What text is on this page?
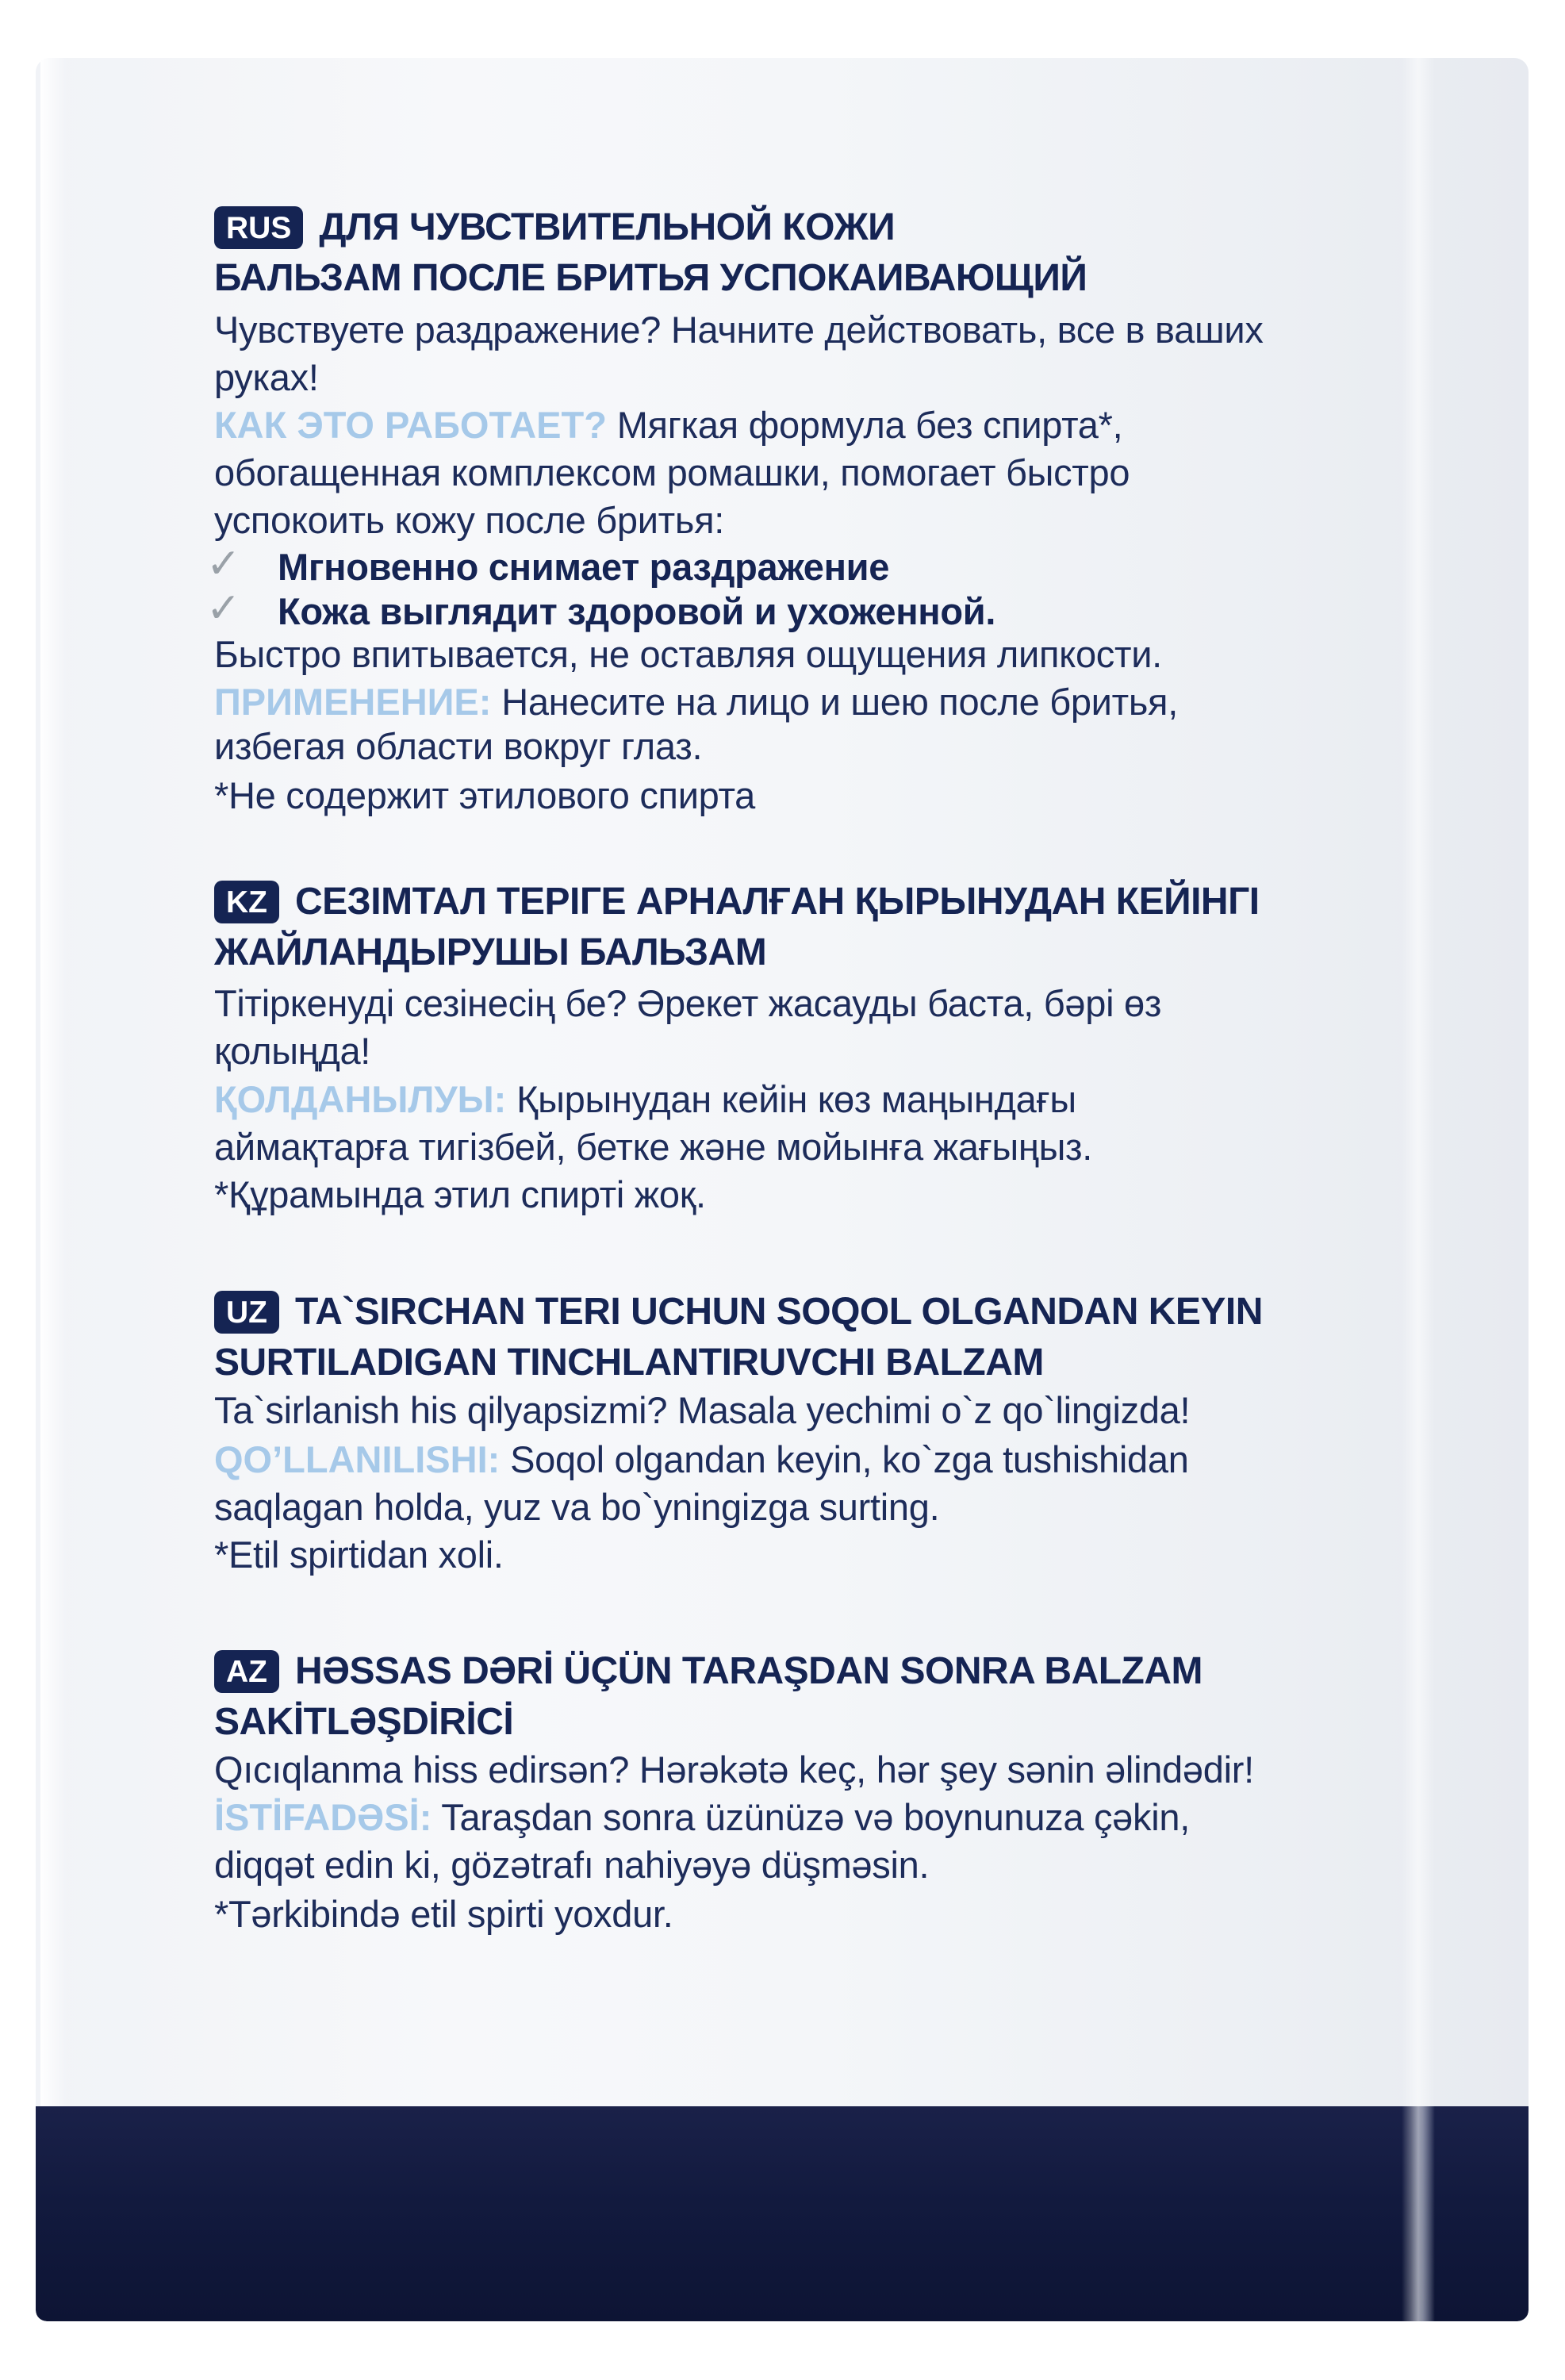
RUS ДЛЯ ЧУВСТВИТЕЛЬНОЙ КОЖИ
БАЛЬЗАМ ПОСЛЕ БРИТЬЯ УСПОКАИВАЮЩИЙ
Чувствуете раздражение? Начните действовать, все в ваших
руках!
КАК ЭТО РАБОТАЕТ? Мягкая формула без спирта*,
обогащенная комплексом ромашки, помогает быстро
успокоить кожу после бритья:
✓ Мгновенно снимает раздражение
✓ Кожа выглядит здоровой и ухоженной.
Быстро впитывается, не оставляя ощущения липкости.
ПРИМЕНЕНИЕ: Нанесите на лицо и шею после бритья,
избегая области вокруг глаз.
*Не содержит этилового спирта
KZ СЕЗІМТАЛ ТЕРІГЕ АРНАЛҒАН ҚЫРЫНУДАН КЕЙІНГІ
ЖАЙЛАНДЫРУШЫ БАЛЬЗАМ
Тітіркенуді сезінесің бе? Әрекет жасауды баста, бәрі өз
қолыңда!
ҚОЛДАНЫЛУЫ: Қырынудан кейін көз маңындағы
аймақтарға тигізбей, бетке және мойынға жағыңыз.
*Құрамында этил спирті жоқ.
UZ TA`SIRCHAN TERI UCHUN SOQOL OLGANDAN KEYIN
SURTILADIGAN TINCHLANTIRUVCHI BALZAM
Ta`sirlanish his qilyapsizmi? Masala yechimi o`z qo`lingizda!
QO’LLANILISHI: Soqol olgandan keyin, ko`zga tushishidan
saqlagan holda, yuz va bo`yningizga surting.
*Etil spirtidan xoli.
AZ HƏSSAS DƏRİ ÜÇÜN TARAŞDAN SONRA BALZAM
SAKİTLƏŞDİRİCİ
Qıcıqlanma hiss edirsən? Hərəkətə keç, hər şey sənin əlindədir!
İSTİFADƏSİ: Taraşdan sonra üzünüzə və boynunuza çəkin,
diqqət edin ki, gözətrafı nahiyəyə düşməsin.
*Tərkibində etil spirti yoxdur.
